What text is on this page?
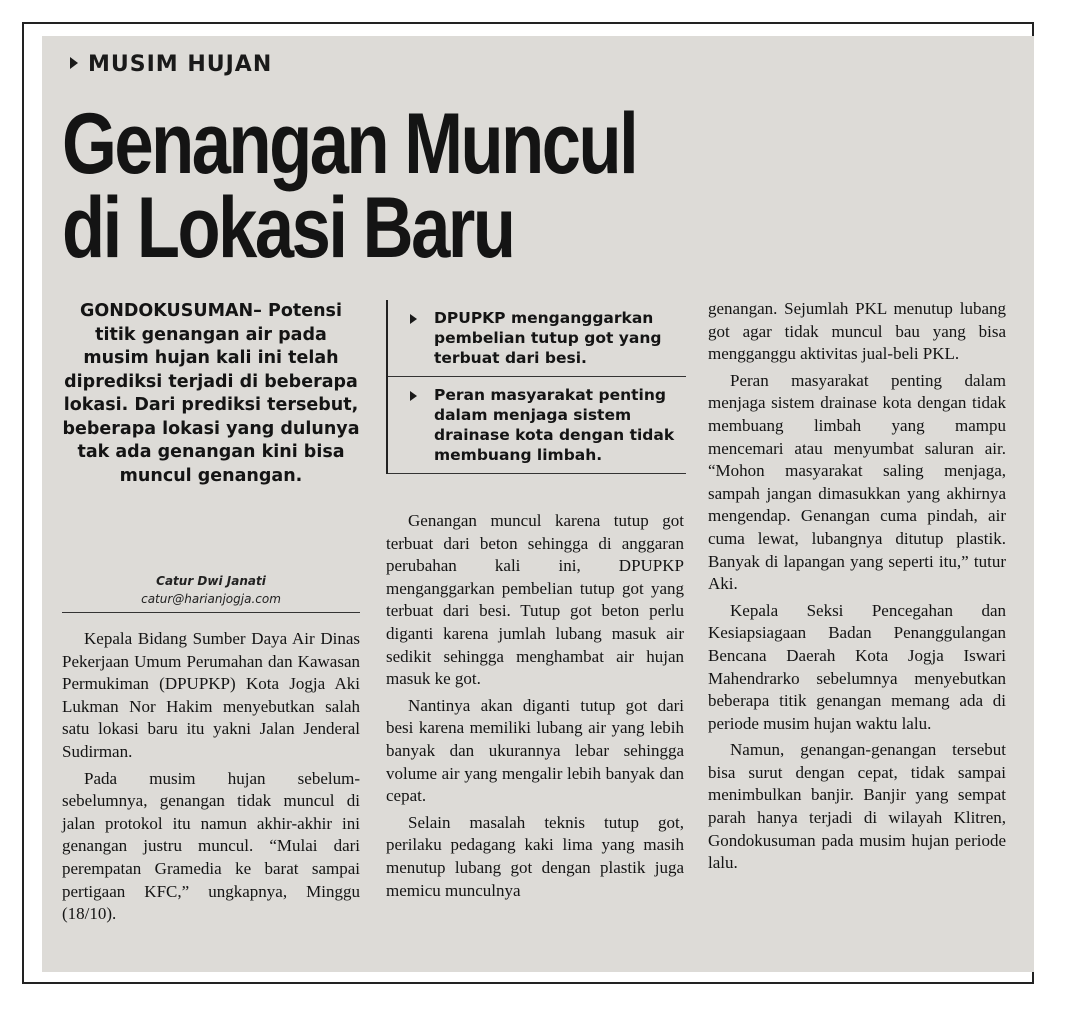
MUSIM HUJAN
Genangan Muncul
di Lokasi Baru
GONDOKUSUMAN– Potensi titik genangan air pada musim hujan kali ini telah diprediksi terjadi di beberapa lokasi. Dari prediksi tersebut, beberapa lokasi yang dulunya tak ada genangan kini bisa muncul genangan.
Catur Dwi Janati
catur@harianjogja.com
DPUPKP menganggarkan pembelian tutup got yang terbuat dari besi.
Peran masyarakat penting dalam menjaga sistem drainase kota dengan tidak membuang limbah.

Kepala Bidang Sumber Daya Air Dinas Pekerjaan Umum Perumahan dan Kawasan Permukiman (DPUPKP) Kota Jogja Aki Lukman Nor Hakim menyebutkan salah satu lokasi baru itu yakni Jalan Jenderal Sudirman.

Pada musim hujan sebelum-sebelumnya, genangan tidak muncul di jalan protokol itu namun akhir-akhir ini genangan justru muncul. “Mulai dari perempatan Gramedia ke barat sampai pertigaan KFC,” ungkapnya, Minggu (18/10).

Genangan muncul karena tutup got terbuat dari beton sehingga di anggaran perubahan kali ini, DPUPKP menganggarkan pembelian tutup got yang terbuat dari besi. Tutup got beton perlu diganti karena jumlah lubang masuk air sedikit sehingga menghambat air hujan masuk ke got.

Nantinya akan diganti tutup got dari besi karena memiliki lubang air yang lebih banyak dan ukurannya lebar sehingga volume air yang mengalir lebih banyak dan cepat.

Selain masalah teknis tutup got, perilaku pedagang kaki lima yang masih menutup lubang got dengan plastik juga memicu munculnya

genangan. Sejumlah PKL menutup lubang got agar tidak muncul bau yang bisa mengganggu aktivitas jual-beli PKL.

Peran masyarakat penting dalam menjaga sistem drainase kota dengan tidak membuang limbah yang mampu mencemari atau menyumbat saluran air. “Mohon masyarakat saling menjaga, sampah jangan dimasukkan yang akhirnya mengendap. Genangan cuma pindah, air cuma lewat, lubangnya ditutup plastik. Banyak di lapangan yang seperti itu,” tutur Aki.

Kepala Seksi Pencegahan dan Kesiapsiagaan Badan Penanggulangan Bencana Daerah Kota Jogja Iswari Mahendrarko sebelumnya menyebutkan beberapa titik genangan memang ada di periode musim hujan waktu lalu.

Namun, genangan-genangan tersebut bisa surut dengan cepat, tidak sampai menimbulkan banjir. Banjir yang sempat parah hanya terjadi di wilayah Klitren, Gondokusuman pada musim hujan periode lalu.
